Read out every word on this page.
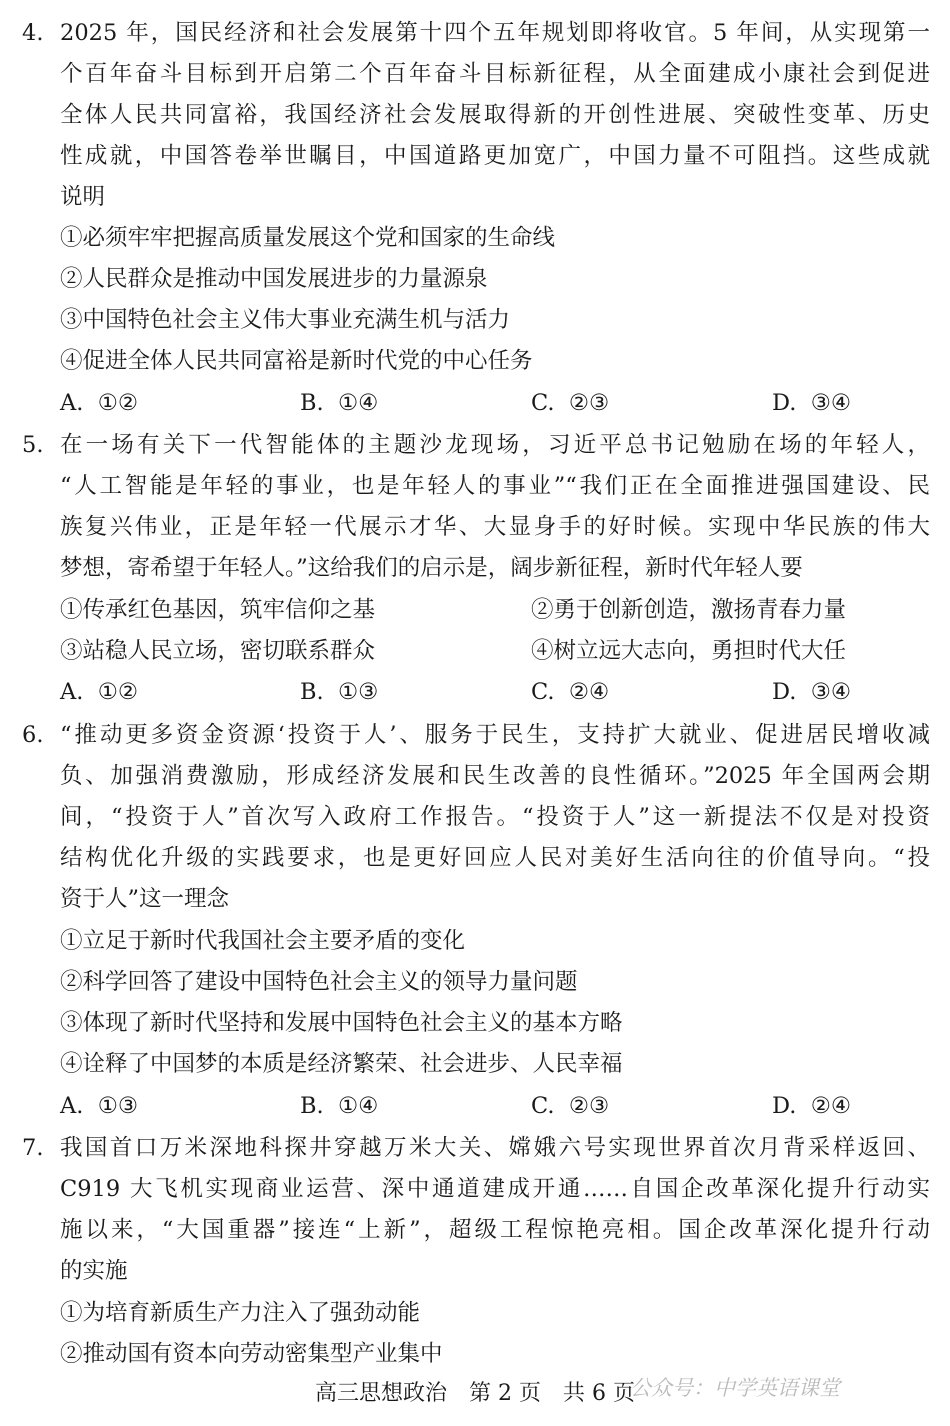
4. 2025 年，国民经济和社会发展第十四个五年规划即将收官。5 年间，从实现第一
个百年奋斗目标到开启第二个百年奋斗目标新征程，从全面建成小康社会到促进
全体人民共同富裕，我国经济社会发展取得新的开创性进展、突破性变革、历史
性成就，中国答卷举世瞩目，中国道路更加宽广，中国力量不可阻挡。这些成就
说明
①必须牢牢把握高质量发展这个党和国家的生命线
②人民群众是推动中国发展进步的力量源泉
③中国特色社会主义伟大事业充满生机与活力
④促进全体人民共同富裕是新时代党的中心任务
A. ①②	B. ①④	C. ②③	D. ③④
5. 在一场有关下一代智能体的主题沙龙现场，习近平总书记勉励在场的年轻人，
“人工智能是年轻的事业，也是年轻人的事业”“我们正在全面推进强国建设、民
族复兴伟业，正是年轻一代展示才华、大显身手的好时候。实现中华民族的伟大
梦想，寄希望于年轻人。”这给我们的启示是，阔步新征程，新时代年轻人要
①传承红色基因，筑牢信仰之基	②勇于创新创造，激扬青春力量
③站稳人民立场，密切联系群众	④树立远大志向，勇担时代大任
A. ①②	B. ①③	C. ②④	D. ③④
6. “推动更多资金资源‘投资于人’、服务于民生，支持扩大就业、促进居民增收减
负、加强消费激励，形成经济发展和民生改善的良性循环。”2025 年全国两会期
间，“投资于人”首次写入政府工作报告。“投资于人”这一新提法不仅是对投资
结构优化升级的实践要求，也是更好回应人民对美好生活向往的价值导向。“投
资于人”这一理念
①立足于新时代我国社会主要矛盾的变化
②科学回答了建设中国特色社会主义的领导力量问题
③体现了新时代坚持和发展中国特色社会主义的基本方略
④诠释了中国梦的本质是经济繁荣、社会进步、人民幸福
A. ①③	B. ①④	C. ②③	D. ②④
7. 我国首口万米深地科探井穿越万米大关、嫦娥六号实现世界首次月背采样返回、
C919 大飞机实现商业运营、深中通道建成开通……自国企改革深化提升行动实
施以来，“大国重器”接连“上新”，超级工程惊艳亮相。国企改革深化提升行动
的实施
①为培育新质生产力注入了强劲动能
②推动国有资本向劳动密集型产业集中
高三思想政治　第 2 页　共 6 页
公众号：中学英语课堂
